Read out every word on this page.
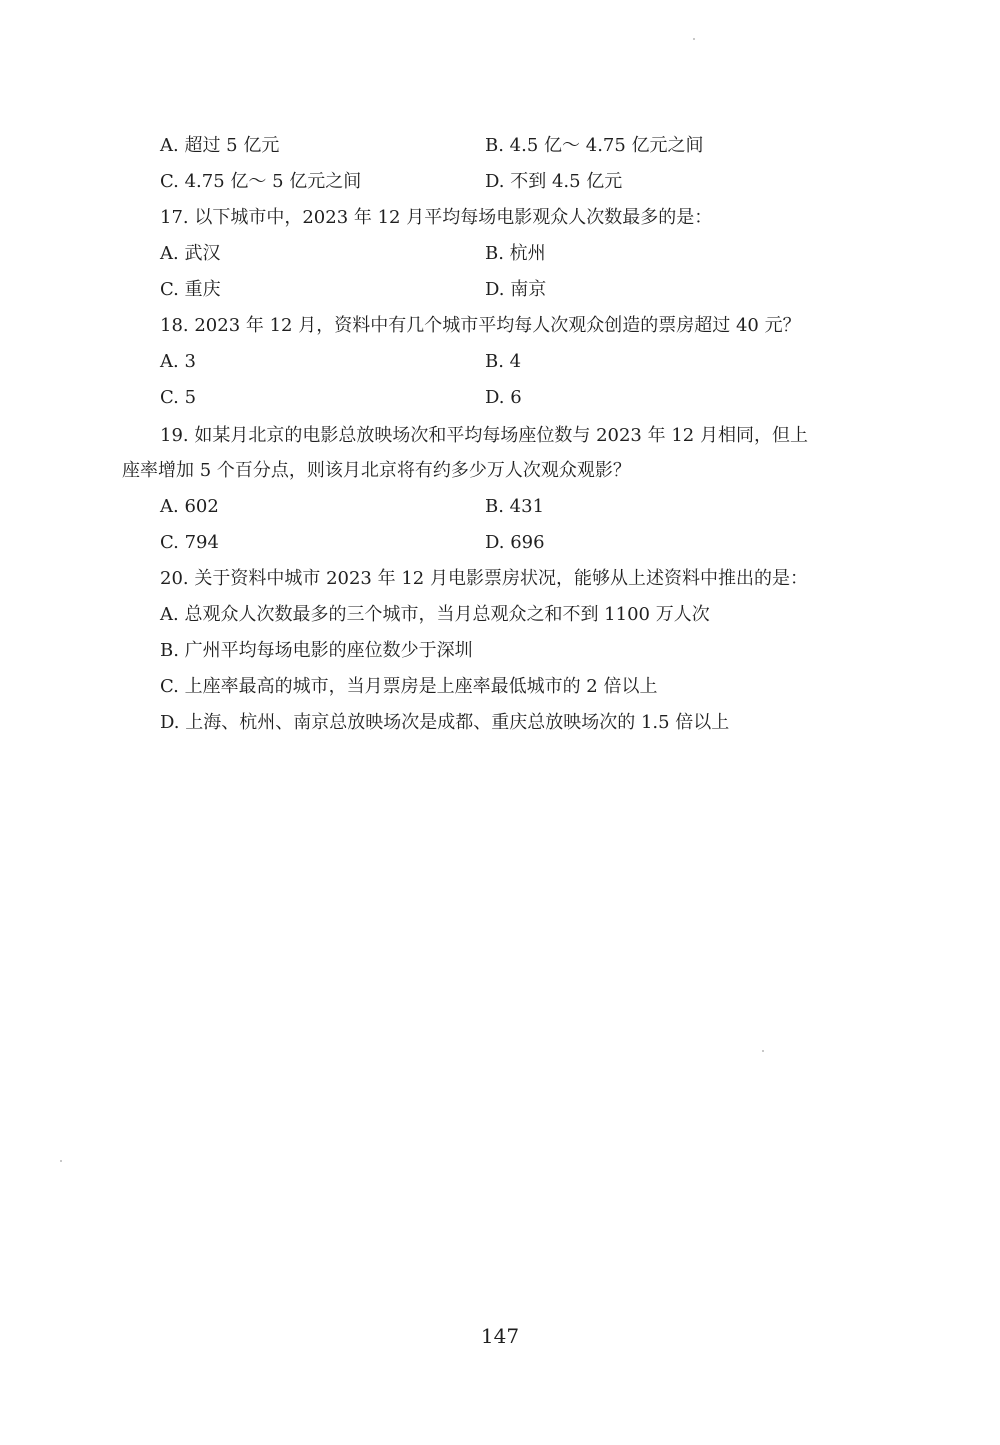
A. 超过 5 亿元	B. 4.5 亿～ 4.75 亿元之间
C. 4.75 亿～ 5 亿元之间	D. 不到 4.5 亿元
17. 以下城市中，2023 年 12 月平均每场电影观众人次数最多的是：
A. 武汉	B. 杭州
C. 重庆	D. 南京
18. 2023 年 12 月，资料中有几个城市平均每人次观众创造的票房超过 40 元？
A. 3	B. 4
C. 5	D. 6
19. 如某月北京的电影总放映场次和平均每场座位数与 2023 年 12 月相同，但上
座率增加 5 个百分点，则该月北京将有约多少万人次观众观影？
A. 602	B. 431
C. 794	D. 696
20. 关于资料中城市 2023 年 12 月电影票房状况，能够从上述资料中推出的是：
A. 总观众人次数最多的三个城市，当月总观众之和不到 1100 万人次
B. 广州平均每场电影的座位数少于深圳
C. 上座率最高的城市，当月票房是上座率最低城市的 2 倍以上
D. 上海、杭州、南京总放映场次是成都、重庆总放映场次的 1.5 倍以上
147
